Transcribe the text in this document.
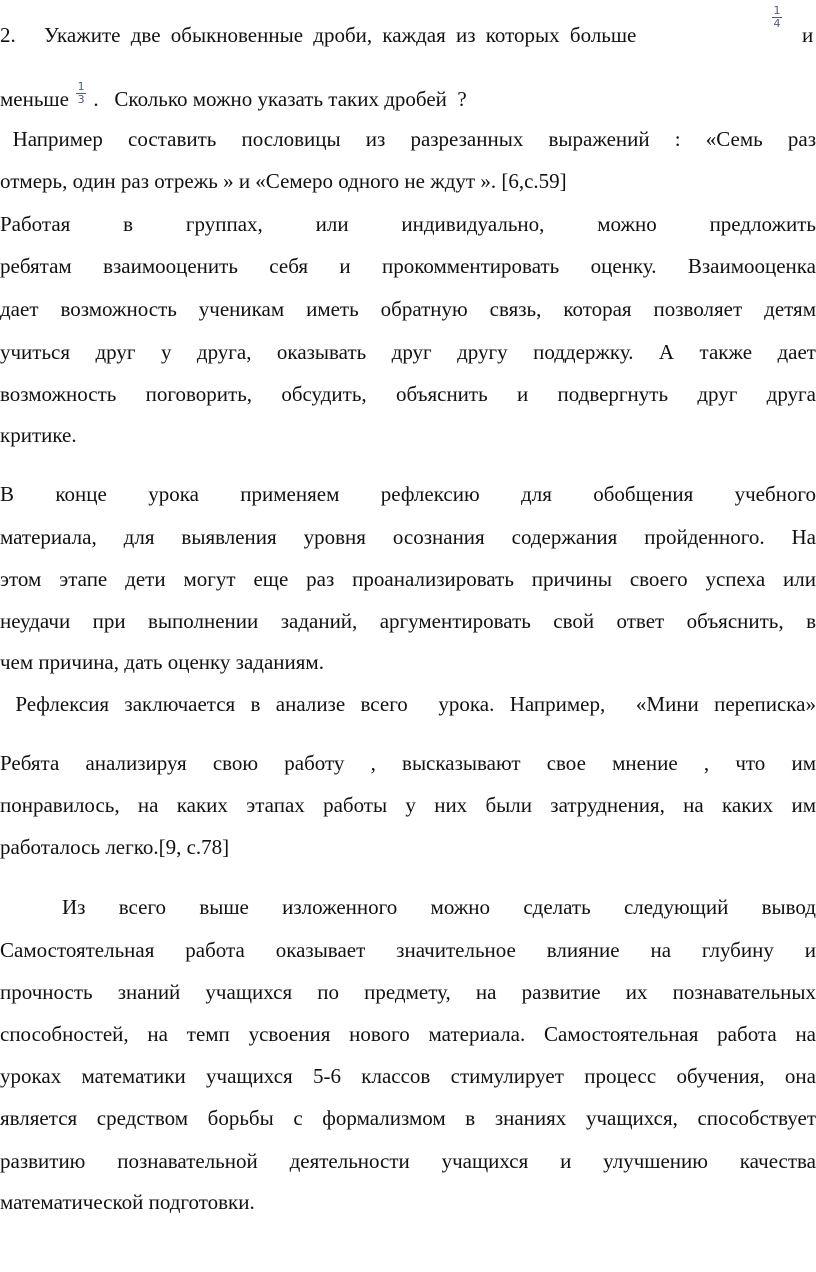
2. Укажите две обыкновенные дроби, каждая из которых больше
1
4 и
меньше $\frac{1}{3}$ .   Сколько можно указать таких дробей  ?
Например  составить  пословицы  из  разрезанных  выражений  :  «Семь  раз
отмерь, один раз отрежь » и «Семеро одного не ждут ». [6,с.59]
Работая в группах, или индивидуально, можно предложить
ребятам взаимооценить себя и прокомментировать оценку. Взаимооценка
дает возможность ученикам иметь обратную связь, которая позволяет детям
учиться друг у друга, оказывать друг другу поддержку. А также дает
возможность поговорить, обсудить, объяснить и подвергнуть друг друга
критике.
В конце урока применяем рефлексию для обобщения учебного
материала, для выявления уровня осознания содержания пройденного. На
этом этапе дети могут еще раз проанализировать причины своего успеха или
неудачи при выполнении заданий, аргументировать свой ответ объяснить, в
чем причина, дать оценку заданиям.
Рефлексия заключается в анализе всего  урока. Например,  «Мини переписка»
Ребята анализируя свою работу , высказывают свое мнение , что им
понравилось, на каких этапах работы у них были затруднения, на каких им
работалось легко.[9, с.78]
Из всего выше изложенного можно сделать следующий вывод
Самостоятельная работа оказывает значительное влияние на глубину и
прочность знаний учащихся по предмету, на развитие их познавательных
способностей, на темп усвоения нового материала. Самостоятельная работа на
уроках математики учащихся 5-6 классов стимулирует процесс обучения, она
является средством борьбы с формализмом в знаниях учащихся, способствует
развитию познавательной деятельности учащихся и улучшению качества
математической подготовки.
